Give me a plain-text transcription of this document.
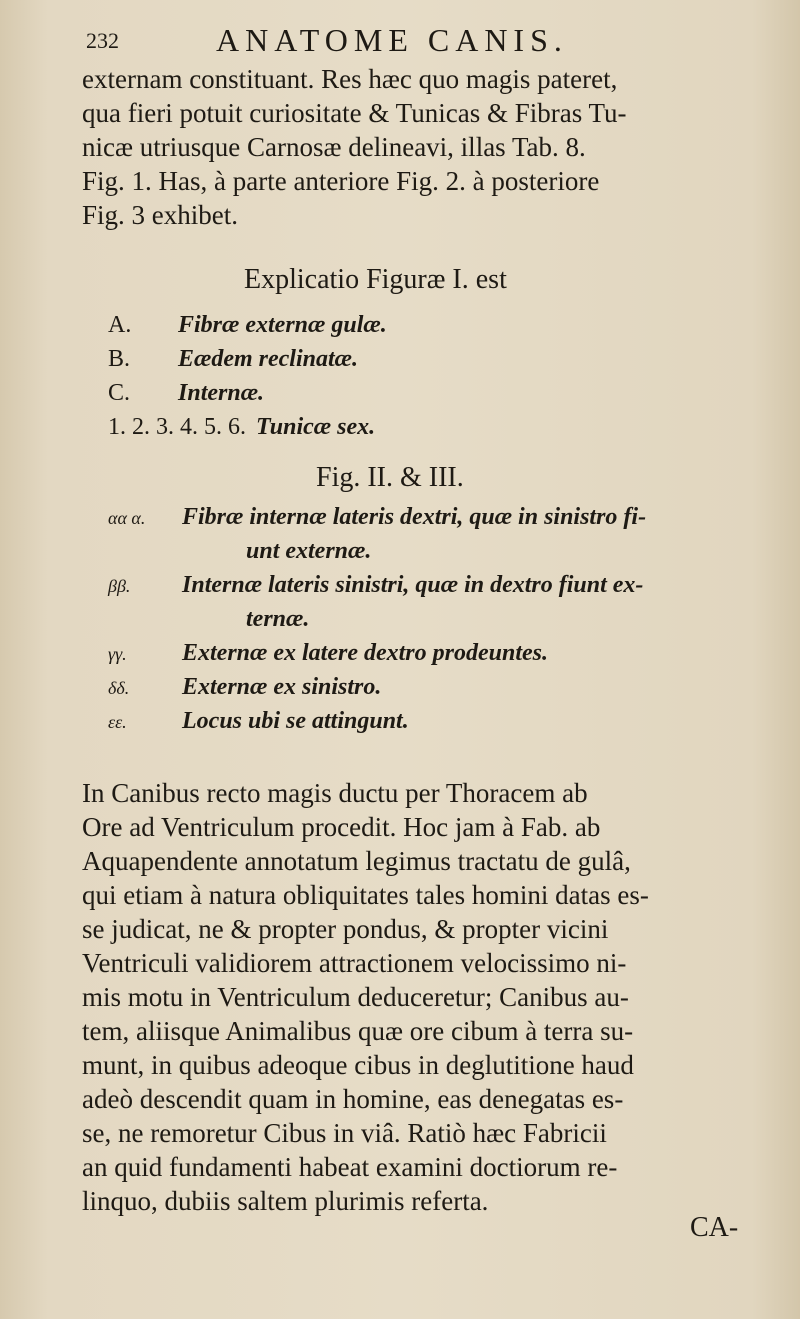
232	ANATOME CANIS.
externam constituant. Res hæc quo magis pateret,
qua fieri potuit curiositate & Tunicas & Fibras Tu-
nicæ utriusque Carnosæ delineavi, illas Tab. 8.
Fig. 1. Has, à parte anteriore Fig. 2. à posteriore
Fig. 3 exhibet.
Explicatio Figuræ I. est
A. Fibræ externæ gulæ.
B. Eædem reclinatæ.
C. Internæ.
1. 2. 3. 4. 5. 6. Tunicæ sex.
Fig. II. & III.
αα α. Fibræ internæ lateris dextri, quæ in sinistro fi-
unt externæ.
ββ. Internæ lateris sinistri, quæ in dextro fiunt ex-
ternæ.
γγ. Externæ ex latere dextro prodeuntes.
δδ. Externæ ex sinistro.
εε. Locus ubi se attingunt.
In Canibus recto magis ductu per Thoracem ab
Ore ad Ventriculum procedit. Hoc jam à Fab. ab
Aquapendente annotatum legimus tractatu de gulâ,
qui etiam à natura obliquitates tales homini datas es-
se judicat, ne & propter pondus, & propter vicini
Ventriculi validiorem attractionem velocissimo ni-
mis motu in Ventriculum deduceretur; Canibus au-
tem, aliisque Animalibus quæ ore cibum à terra su-
munt, in quibus adeoque cibus in deglutitione haud
adeò descendit quam in homine, eas denegatas es-
se, ne remoretur Cibus in viâ. Ratiò hæc Fabricii
an quid fundamenti habeat examini doctiorum re-
linquo, dubiis saltem plurimis referta.
CA-
